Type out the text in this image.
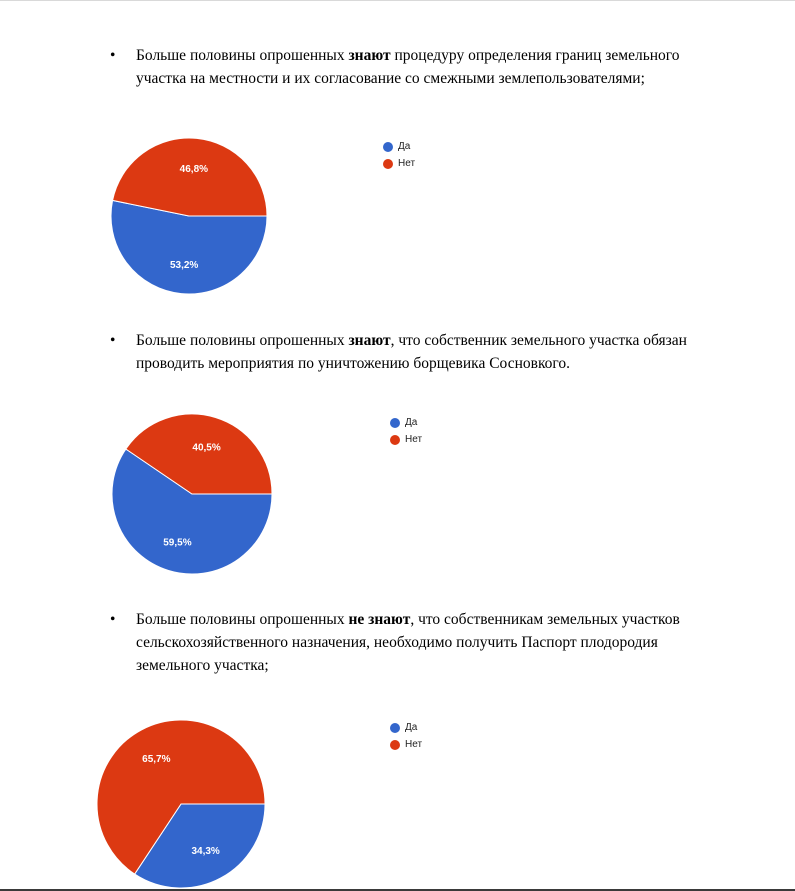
•	Больше половины опрошенных знают процедуру определения границ земельного участка на местности и их согласование со смежными землепользователями;
53,2%
46,8%
Да
Нет
•	Больше половины опрошенных знают, что собственник земельного участка обязан проводить мероприятия по уничтожению борщевика Сосновкого.
59,5%
40,5%
Да
Нет
•	Больше половины опрошенных не знают, что собственникам земельных участков сельскохозяйственного назначения, необходимо получить Паспорт плодородия земельного участка;
34,3%
65,7%
Да
Нет
